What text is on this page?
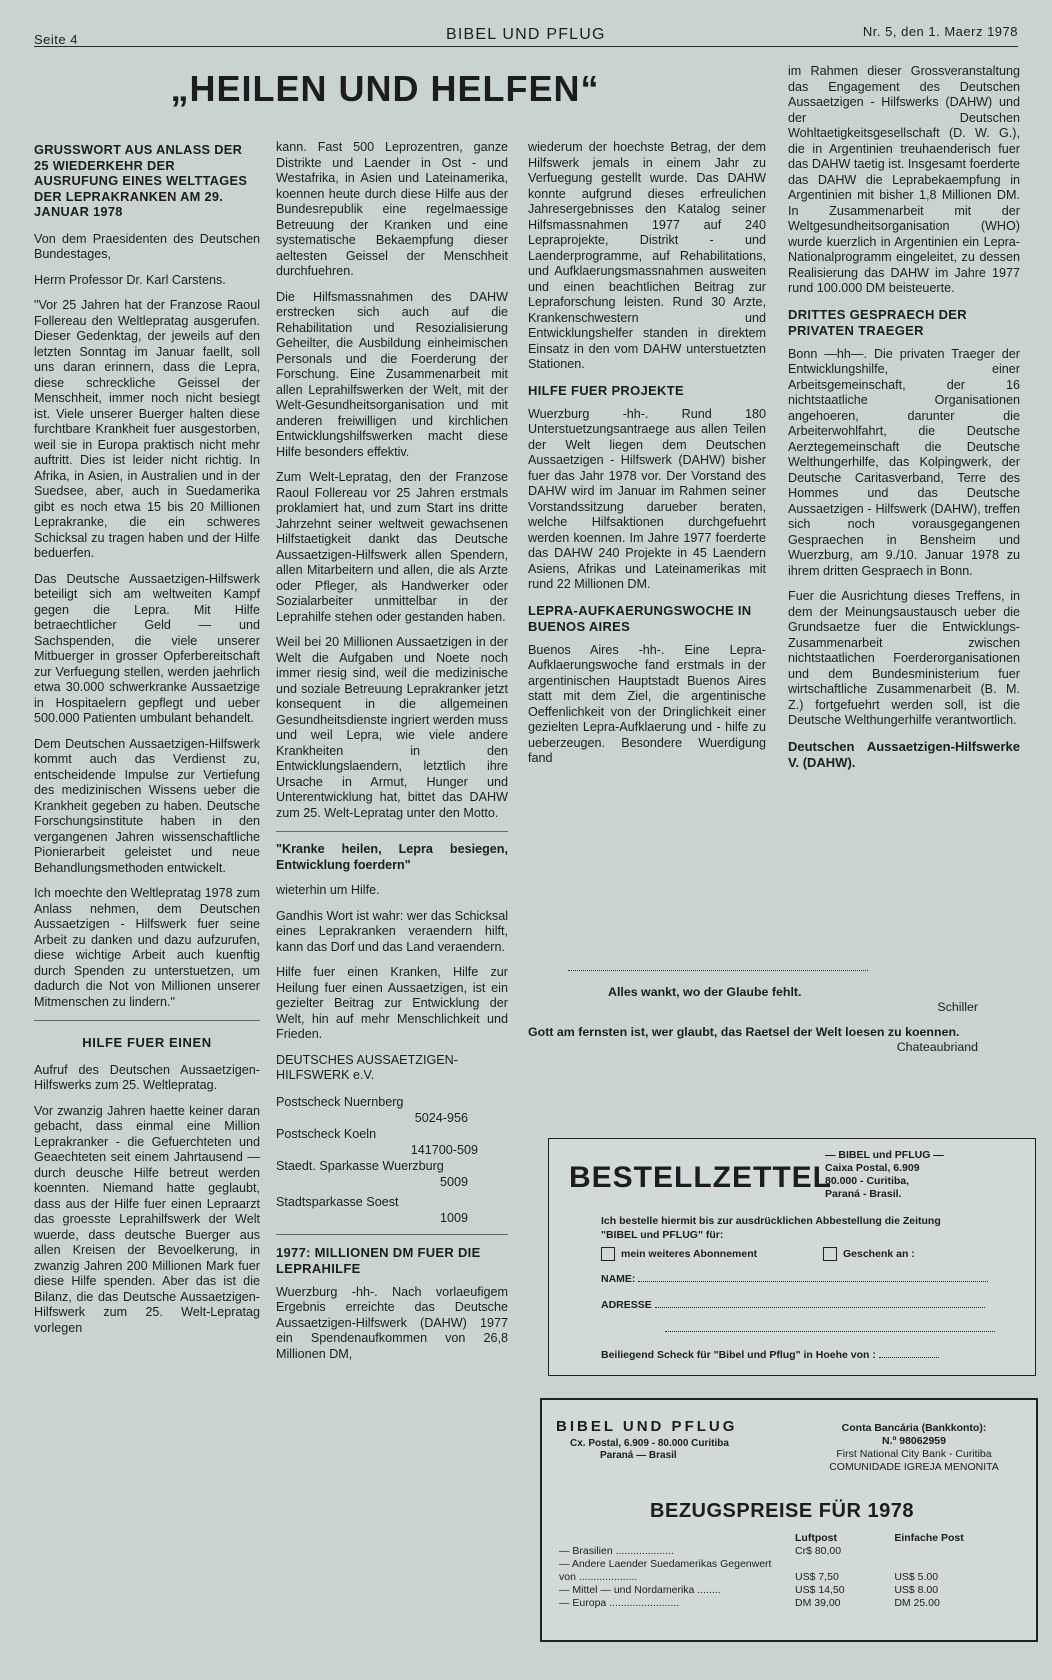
Seite 4	BIBEL UND PFLUG	Nr. 5, den 1. Maerz 1978
„HEILEN UND HELFEN“
GRUSSWORT AUS ANLASS DER 25 WIEDERKEHR DER AUSRUFUNG EINES WELTTAGES DER LEPRAKRANKEN AM 29. JANUAR 1978

Von dem Praesidenten des Deutschen Bundestages,

Herrn Professor Dr. Karl Carstens.

"Vor 25 Jahren hat der Franzose Raoul Follereau den Weltlepratag ausgerufen. Dieser Gedenktag, der jeweils auf den letzten Sonntag im Januar faellt, soll uns daran erinnern, dass die Lepra, diese schreckliche Geissel der Menschheit, immer noch nicht besiegt ist. Viele unserer Buerger halten diese furchtbare Krankheit fuer ausgestorben, weil sie in Europa praktisch nicht mehr auftritt. Dies ist leider nicht richtig. In Afrika, in Asien, in Australien und in der Suedsee, aber, auch in Suedamerika gibt es noch etwa 15 bis 20 Millionen Leprakranke, die ein schweres Schicksal zu tragen haben und der Hilfe beduerfen.

Das Deutsche Aussaetzigen-Hilfswerk beteiligt sich am weltweiten Kampf gegen die Lepra. Mit Hilfe betraechtlicher Geld — und Sachspenden, die viele unserer Mitbuerger in grosser Opferbereitschaft zur Verfuegung stellen, werden jaehrlich etwa 30.000 schwerkranke Aussaetzige in Hospitaelern gepflegt und ueber 500.000 Patienten umbulant behandelt.

Dem Deutschen Aussaetzigen-Hilfswerk kommt auch das Verdienst zu, entscheidende Impulse zur Vertiefung des medizinischen Wissens ueber die Krankheit gegeben zu haben. Deutsche Forschungsinstitute haben in den vergangenen Jahren wissenschaftliche Pionierarbeit geleistet und neue Behandlungsmethoden entwickelt.

Ich moechte den Weltlepratag 1978 zum Anlass nehmen, dem Deutschen Aussaetzigen - Hilfswerk fuer seine Arbeit zu danken und dazu aufzurufen, diese wichtige Arbeit auch kuenftig durch Spenden zu unterstuetzen, um dadurch die Not von Millionen unserer Mitmenschen zu lindern."

HILFE FUER EINEN

Aufruf des Deutschen Aussaetzigen-Hilfswerks zum 25. Weltlepratag.

Vor zwanzig Jahren haette keiner daran gebacht, dass einmal eine Million Leprakranker - die Gefuerchteten und Geaechteten seit einem Jahrtausend — durch deusche Hilfe betreut werden koennten. Niemand hatte geglaubt, dass aus der Hilfe fuer einen Lepraarzt das groesste Leprahilfswerk der Welt wuerde, dass deutsche Buerger aus allen Kreisen der Bevoelkerung, in zwanzig Jahren 200 Millionen Mark fuer diese Hilfe spenden. Aber das ist die Bilanz, die das Deutsche Aussaetzigen-Hilfswerk zum 25. Welt-Lepratag vorlegen

kann. Fast 500 Leprozentren, ganze Distrikte und Laender in Ost - und Westafrika, in Asien und Lateinamerika, koennen heute durch diese Hilfe aus der Bundesrepublik eine regelmaessige Betreuung der Kranken und eine systematische Bekaempfung dieser aeltesten Geissel der Menschheit durchfuehren.

Die Hilfsmassnahmen des DAHW erstrecken sich auch auf die Rehabilitation und Resozialisierung Geheilter, die Ausbildung einheimischen Personals und die Foerderung der Forschung. Eine Zusammenarbeit mit allen Leprahilfswerken der Welt, mit der Welt-Gesundheitsorganisation und mit anderen freiwilligen und kirchlichen Entwicklungshilfswerken macht diese Hilfe besonders effektiv.

Zum Welt-Lepratag, den der Franzose Raoul Follereau vor 25 Jahren erstmals proklamiert hat, und zum Start ins dritte Jahrzehnt seiner weltweit gewachsenen Hilfstaetigkeit dankt das Deutsche Aussaetzigen-Hilfswerk allen Spendern, allen Mitarbeitern und allen, die als Arzte oder Pfleger, als Handwerker oder Sozialarbeiter unmittelbar in der Leprahilfe stehen oder gestanden haben.

Weil bei 20 Millionen Aussaetzigen in der Welt die Aufgaben und Noete noch immer riesig sind, weil die medizinische und soziale Betreuung Leprakranker jetzt konsequent in die allgemeinen Gesundheitsdienste ingriert werden muss und weil Lepra, wie viele andere Krankheiten in den Entwicklungslaendern, letztlich ihre Ursache in Armut, Hunger und Unterentwicklung hat, bittet das DAHW zum 25. Welt-Lepratag unter den Motto.

"Kranke heilen, Lepra besiegen, Entwicklung foerdern"

wieterhin um Hilfe.

Gandhis Wort ist wahr: wer das Schicksal eines Leprakranken veraendern hilft, kann das Dorf und das Land veraendern.

Hilfe fuer einen Kranken, Hilfe zur Heilung fuer einen Aussaetzigen, ist ein gezielter Beitrag zur Entwicklung der Welt, hin auf mehr Menschlichkeit und Frieden.

DEUTSCHES AUSSAETZIGEN-HILFSWERK e.V.

Postscheck Nuernberg
5024-956
Postscheck Koeln
141700-509
Staedt. Sparkasse Wuerzburg
5009
Stadtsparkasse Soest
1009
1977: MILLIONEN DM FUER DIE LEPRAHILFE

Wuerzburg -hh-. Nach vorlaeufigem Ergebnis erreichte das Deutsche Aussaetzigen-Hilfswerk (DAHW) 1977 ein Spendenaufkommen von 26,8 Millionen DM,

wiederum der hoechste Betrag, der dem Hilfswerk jemals in einem Jahr zu Verfuegung gestellt wurde. Das DAHW konnte aufgrund dieses erfreulichen Jahresergebnisses den Katalog seiner Hilfsmassnahmen 1977 auf 240 Lepraprojekte, Distrikt - und Laenderprogramme, auf Rehabilitations, und Aufklaerungsmassnahmen ausweiten und einen beachtlichen Beitrag zur Lepraforschung leisten. Rund 30 Arzte, Krankenschwestern und Entwicklungshelfer standen in direktem Einsatz in den vom DAHW unterstuetzten Stationen.

HILFE FUER PROJEKTE

Wuerzburg -hh-. Rund 180 Unterstuetzungsantraege aus allen Teilen der Welt liegen dem Deutschen Aussaetzigen - Hilfswerk (DAHW) bisher fuer das Jahr 1978 vor. Der Vorstand des DAHW wird im Januar im Rahmen seiner Vorstandssitzung darueber beraten, welche Hilfsaktionen durchgefuehrt werden koennen. Im Jahre 1977 foerderte das DAHW 240 Projekte in 45 Laendern Asiens, Afrikas und Lateinamerikas mit rund 22 Millionen DM.

LEPRA-AUFKAERUNGSWOCHE IN BUENOS AIRES

Buenos Aires -hh-. Eine Lepra-Aufklaerungswoche fand erstmals in der argentinischen Hauptstadt Buenos Aires statt mit dem Ziel, die argentinische Oeffenlichkeit von der Dringlichkeit einer gezielten Lepra-Aufklaerung und - hilfe zu ueberzeugen. Besondere Wuerdigung fand

im Rahmen dieser Grossveranstaltung das Engagement des Deutschen Aussaetzigen - Hilfswerks (DAHW) und der Deutschen Wohltaetigkeitsgesellschaft (D. W. G.), die in Argentinien treuhaenderisch fuer das DAHW taetig ist. Insgesamt foerderte das DAHW die Leprabekaempfung in Argentinien mit bisher 1,8 Millionen DM. In Zusammenarbeit mit der Weltgesundheitsorganisation (WHO) wurde kuerzlich in Argentinien ein Lepra-Nationalprogramm eingeleitet, zu dessen Realisierung das DAHW im Jahre 1977 rund 100.000 DM beisteuerte.

DRITTES GESPRAECH DER PRIVATEN TRAEGER

Bonn —hh—. Die privaten Traeger der Entwicklungshilfe, einer Arbeitsgemeinschaft, der 16 nichtstaatliche Organisationen angehoeren, darunter die Arbeiterwohlfahrt, die Deutsche Aerztegemeinschaft die Deutsche Welthungerhilfe, das Kolpingwerk, der Deutsche Caritasverband, Terre des Hommes und das Deutsche Aussaetzigen - Hilfswerk (DAHW), treffen sich noch vorausgegangenen Gespraechen in Bensheim und Wuerzburg, am 9./10. Januar 1978 zu ihrem dritten Gespraech in Bonn.

Fuer die Ausrichtung dieses Treffens, in dem der Meinungsaustausch ueber die Grundsaetze fuer die Entwicklungs-Zusammenarbeit zwischen nichtstaatlichen Foerderorganisationen und dem Bundesministerium fuer wirtschaftliche Zusammenarbeit (B. M. Z.) fortgefuehrt werden soll, ist die Deutsche Welthungerhilfe verantwortlich.

Deutschen Aussaetzigen-Hilfswerke V. (DAHW).
Alles wankt, wo der Glaube fehlt.
Schiller
Gott am fernsten ist, wer glaubt, das Raetsel der Welt loesen zu koennen.
Chateaubriand
BESTELLZETTEL
— BIBEL und PFLUG —
Caixa Postal, 6.909
80.000 - Curitiba,
Paraná - Brasil.
Ich bestelle hiermit bis zur ausdrücklichen Abbestellung die Zeitung
"BIBEL und PFLUG" für:
mein weiteres Abonnement	Geschenk an :
NAME:
ADRESSE
Beiliegend Scheck für "Bibel und Pflug" in Hoehe von :
BIBEL UND PFLUG
Cx. Postal, 6.909 - 80.000 Curitiba
Paraná — Brasil
Conta Bancária (Bankkonto):
N.º 98062959
First National City Bank - Curitiba
COMUNIDADE IGREJA MENONITA
BEZUGSPREISE FÜR 1978
	Luftpost	Einfache Post
— Brasilien ....................	Cr$ 80,00	
— Andere Laender Suedamerikas Gegenwert von ....................	US$ 7,50	US$ 5.00
— Mittel — und Nordamerika ........	US$ 14,50	US$ 8.00
— Europa ........................	DM 39,00	DM 25.00
